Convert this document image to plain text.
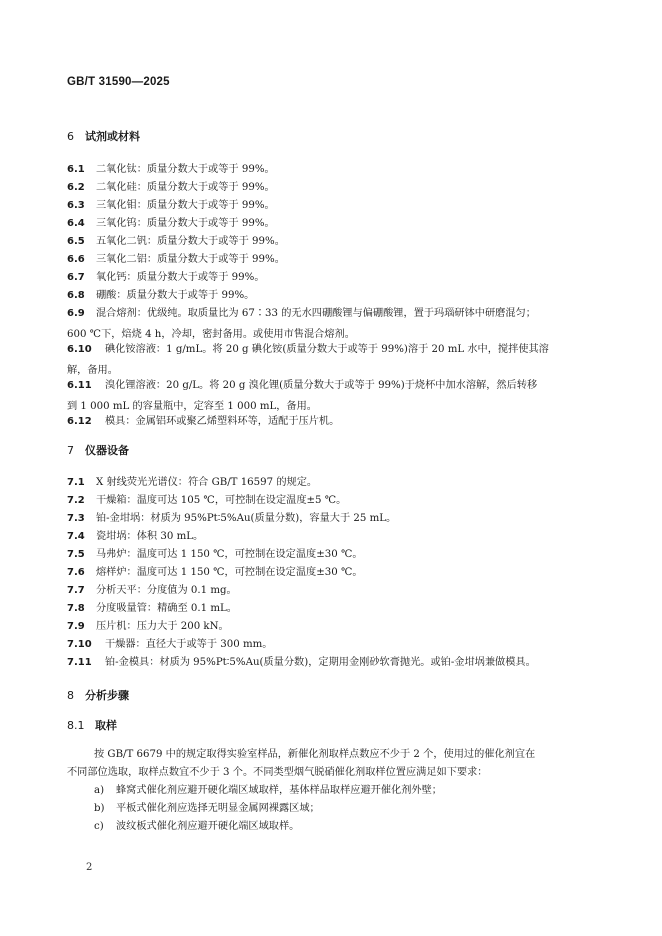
GB/T 31590—2025
6 试剂或材料
6.1 二氧化钛：质量分数大于或等于 99%。
6.2 二氧化硅：质量分数大于或等于 99%。
6.3 三氧化钼：质量分数大于或等于 99%。
6.4 三氧化钨：质量分数大于或等于 99%。
6.5 五氧化二钒：质量分数大于或等于 99%。
6.6 三氧化二铝：质量分数大于或等于 99%。
6.7 氧化钙：质量分数大于或等于 99%。
6.8 硼酸：质量分数大于或等于 99%。
6.9 混合熔剂：优级纯。取质量比为 67∶33 的无水四硼酸锂与偏硼酸锂，置于玛瑙研钵中研磨混匀；
600 ℃下，焙烧 4 h，冷却，密封备用。或使用市售混合熔剂。
6.10 碘化铵溶液：1 g/mL。将 20 g 碘化铵(质量分数大于或等于 99%)溶于 20 mL 水中，搅拌使其溶
解，备用。
6.11 溴化锂溶液：20 g/L。将 20 g 溴化锂(质量分数大于或等于 99%)于烧杯中加水溶解，然后转移
到 1 000 mL 的容量瓶中，定容至 1 000 mL，备用。
6.12 模具：金属铝环或聚乙烯塑料环等，适配于压片机。
7 仪器设备
7.1 X 射线荧光光谱仪：符合 GB/T 16597 的规定。
7.2 干燥箱：温度可达 105 ℃，可控制在设定温度±5 ℃。
7.3 铂-金坩埚：材质为 95%Pt∶5%Au(质量分数)，容量大于 25 mL。
7.4 瓷坩埚：体积 30 mL。
7.5 马弗炉：温度可达 1 150 ℃，可控制在设定温度±30 ℃。
7.6 熔样炉：温度可达 1 150 ℃，可控制在设定温度±30 ℃。
7.7 分析天平：分度值为 0.1 mg。
7.8 分度吸量管：精确至 0.1 mL。
7.9 压片机：压力大于 200 kN。
7.10 干燥器：直径大于或等于 300 mm。
7.11 铂-金模具：材质为 95%Pt∶5%Au(质量分数)，定期用金刚砂软膏抛光。或铂-金坩埚兼做模具。
8 分析步骤
8.1 取样
按 GB/T 6679 中的规定取得实验室样品，新催化剂取样点数应不少于 2 个，使用过的催化剂宜在
不同部位选取，取样点数宜不少于 3 个。不同类型烟气脱硝催化剂取样位置应满足如下要求：
a) 蜂窝式催化剂应避开硬化端区域取样，基体样品取样应避开催化剂外壁；
b) 平板式催化剂应选择无明显金属网裸露区域；
c) 波纹板式催化剂应避开硬化端区域取样。
2
